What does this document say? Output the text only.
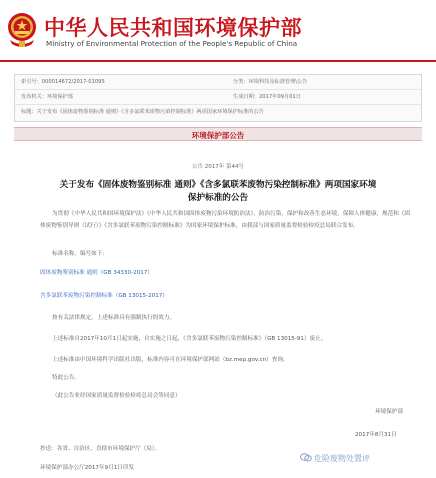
中华人民共和国环境保护部
Ministry of Environmental Protection of the People's Republic of China
索引号：000014672/2017-01095	分类：环境科技及标准管理\公告
发布机关：环境保护部	生成日期：2017年09月01日
标题：关于发布《固体废物鉴别标准 通则》《含多氯联苯废物污染控制标准》两项国家环境保护标准的公告
环境保护部公告
公告 2017年 第44号
关于发布《固体废物鉴别标准 通则》《含多氯联苯废物污染控制标准》两项国家环境保护标准的公告
为贯彻《中华人民共和国环境保护法》《中华人民共和国固体废物污染环境防治法》，防治污染，保护和改善生态环境，保障人体健康，规范和《固体废物鉴别导则（试行）》《含多氯联苯废物污染控制标准》为国家环境保护标准，由我部与国家质量监督检验检疫总局联合发布。
标准名称、编号如下：
固体废物鉴别标准 通则（GB 34330-2017）
含多氯联苯废物污染控制标准（GB 13015-2017）
按有关法律规定，上述标准具有强制执行的效力。
上述标准自2017年10月1日起实施，自实施之日起，《含多氯联苯废物污染控制标准》（GB 13015-91）废止。
上述标准由中国环境科学出版社出版，标准内容可在环境保护部网站（bz.mep.gov.cn）查询。
特此公告。
（此公告业经国家质量监督检验检疫总局会签同意）
环境保护部
2017年8月31日
抄送：各省、自治区、直辖市环境保护厅（局）。
环境保护部办公厅2017年9月1日印发
危险废物处置评
